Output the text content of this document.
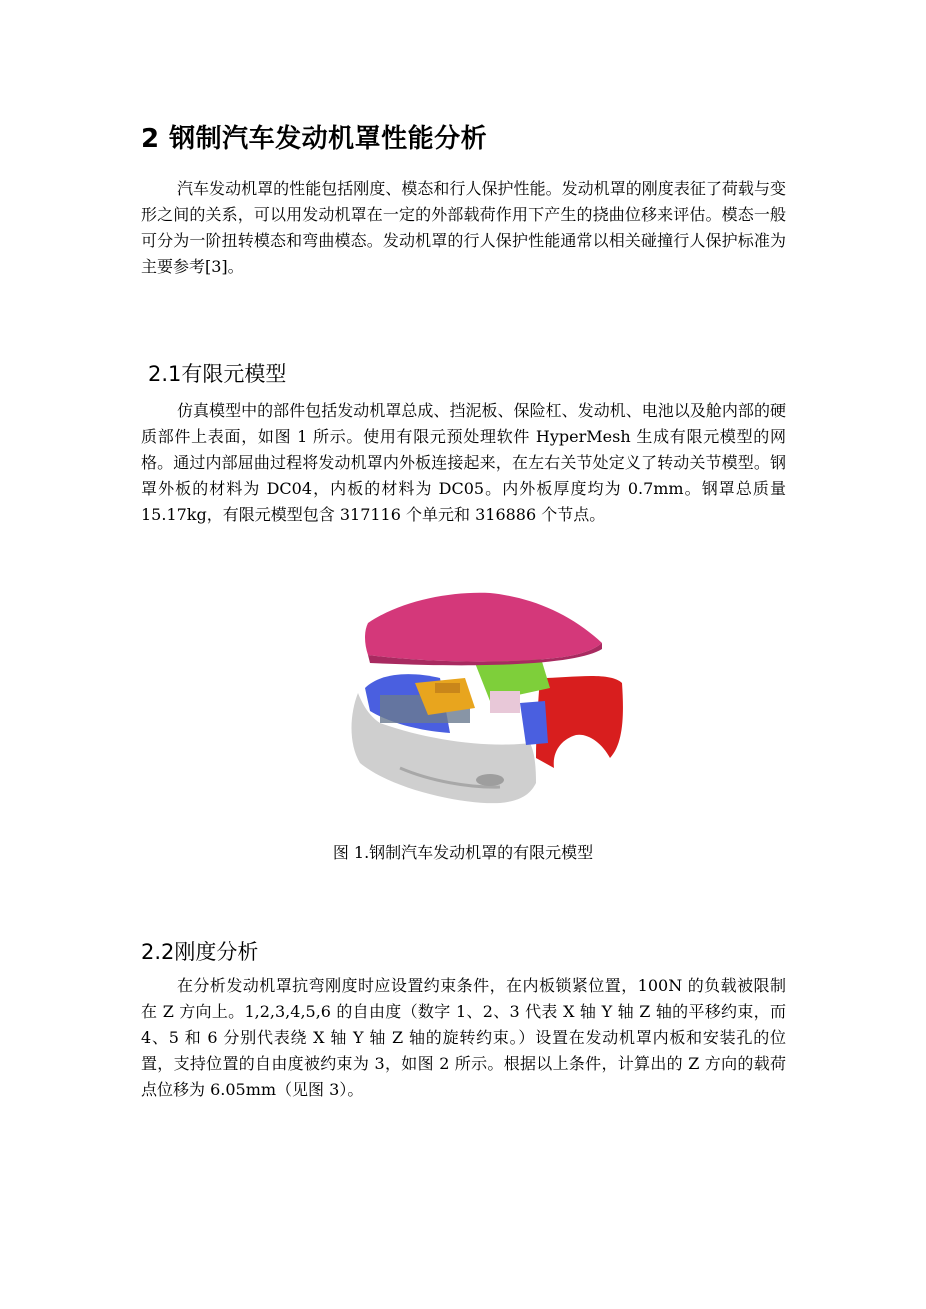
2 钢制汽车发动机罩性能分析

汽车发动机罩的性能包括刚度、模态和行人保护性能。发动机罩的刚度表征了荷载与变形之间的关系，可以用发动机罩在一定的外部载荷作用下产生的挠曲位移来评估。模态一般可分为一阶扭转模态和弯曲模态。发动机罩的行人保护性能通常以相关碰撞行人保护标准为主要参考[3]。

2.1有限元模型

仿真模型中的部件包括发动机罩总成、挡泥板、保险杠、发动机、电池以及舱内部的硬质部件上表面，如图 1 所示。使用有限元预处理软件 HyperMesh 生成有限元模型的网格。通过内部屈曲过程将发动机罩内外板连接起来，在左右关节处定义了转动关节模型。钢罩外板的材料为 DC04，内板的材料为 DC05。内外板厚度均为 0.7mm。钢罩总质量 15.17kg，有限元模型包含 317116 个单元和 316886 个节点。

图 1.钢制汽车发动机罩的有限元模型
2.2刚度分析

在分析发动机罩抗弯刚度时应设置约束条件，在内板锁紧位置，100N 的负载被限制在 Z 方向上。1,2,3,4,5,6 的自由度（数字 1、2、3 代表 X 轴 Y 轴 Z 轴的平移约束，而 4、5 和 6 分别代表绕 X 轴 Y 轴 Z 轴的旋转约束。）设置在发动机罩内板和安装孔的位置，支持位置的自由度被约束为 3，如图 2 所示。根据以上条件，计算出的 Z 方向的载荷点位移为 6.05mm（见图 3）。
